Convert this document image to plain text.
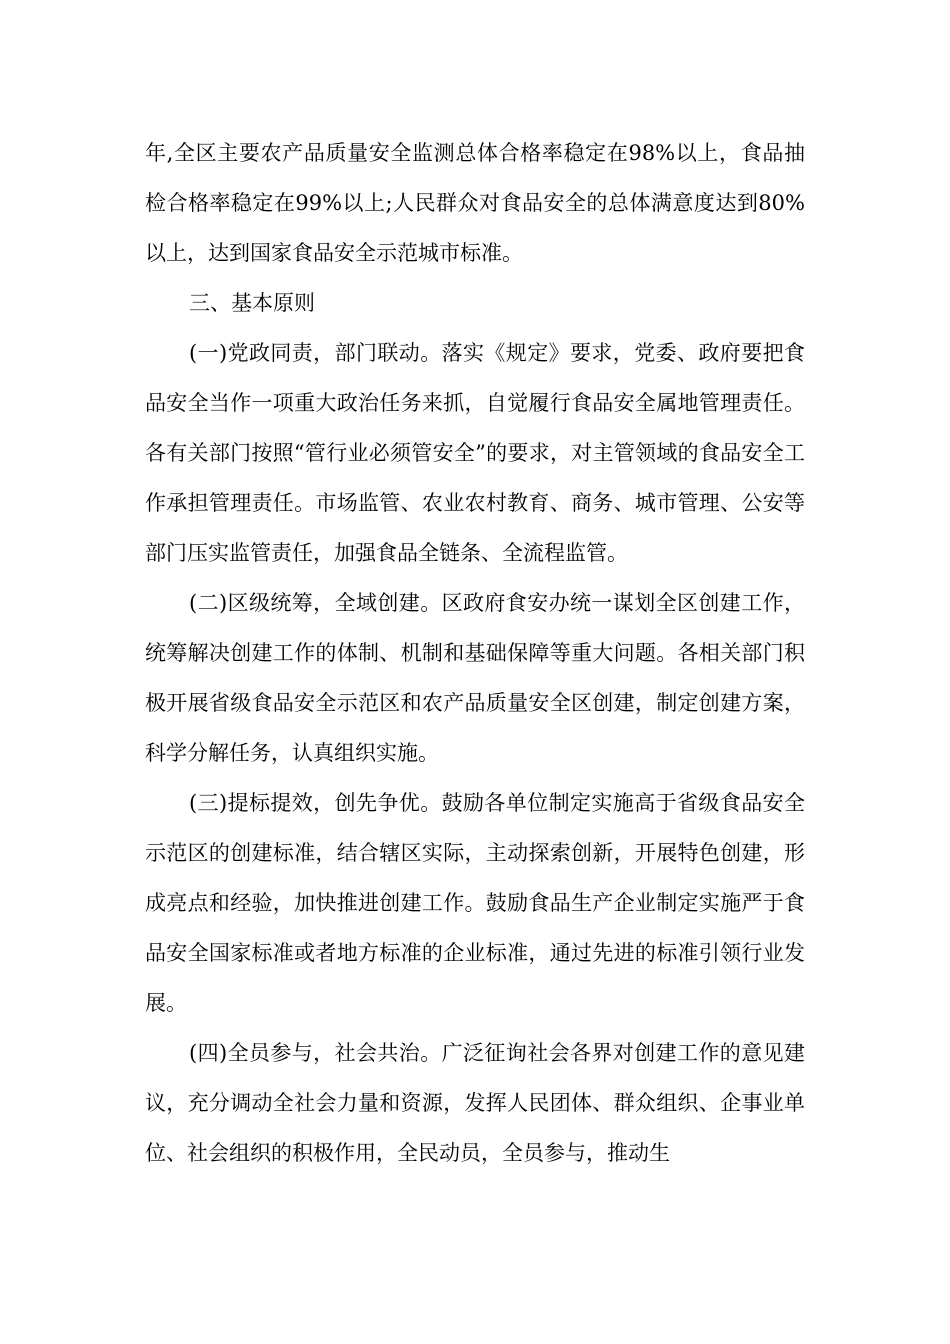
年,全区主要农产品质量安全监测总体合格率稳定在98%以上，食品抽检合格率稳定在99%以上;人民群众对食品安全的总体满意度达到80%以上，达到国家食品安全示范城市标准。

三、基本原则

(一)党政同责，部门联动。落实《规定》要求，党委、政府要把食品安全当作一项重大政治任务来抓，自觉履行食品安全属地管理责任。各有关部门按照“管行业必须管安全”的要求，对主管领域的食品安全工作承担管理责任。市场监管、农业农村教育、商务、城市管理、公安等部门压实监管责任，加强食品全链条、全流程监管。

(二)区级统筹，全域创建。区政府食安办统一谋划全区创建工作，统筹解决创建工作的体制、机制和基础保障等重大问题。各相关部门积极开展省级食品安全示范区和农产品质量安全区创建，制定创建方案，科学分解任务，认真组织实施。

(三)提标提效，创先争优。鼓励各单位制定实施高于省级食品安全示范区的创建标准，结合辖区实际，主动探索创新，开展特色创建，形成亮点和经验，加快推进创建工作。鼓励食品生产企业制定实施严于食品安全国家标准或者地方标准的企业标准，通过先进的标准引领行业发展。

(四)全员参与，社会共治。广泛征询社会各界对创建工作的意见建议，充分调动全社会力量和资源，发挥人民团体、群众组织、企事业单位、社会组织的积极作用，全民动员，全员参与，推动生
